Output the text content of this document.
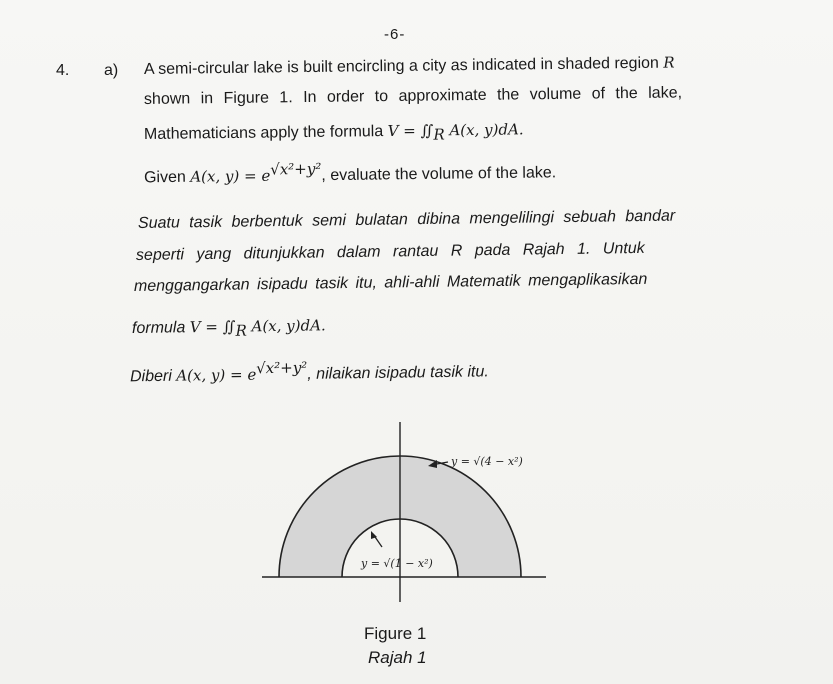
-6-
4. a) A semi-circular lake is built encircling a city as indicated in shaded region R
shown in Figure 1. In order to approximate the volume of the lake,
Mathematicians apply the formula $V = ∬_R$ A(x, y)dA.
Given A(x, $y) = e^{√x^2+y^2}$, evaluate the volume of the lake.
Suatu tasik berbentuk semi bulatan dibina mengelilingi sebuah bandar
seperti yang ditunjukkan dalam rantau R pada Rajah 1. Untuk
menggangarkan isipadu tasik itu, ahli-ahli Matematik mengaplikasikan
formula $V = ∬_R$ A(x, y)dA.
Diberi A(x, $y) = e^{√x^2+y^2}$, nilaikan isipadu tasik itu.
y = √(4 − x²)
y = √(1 − x²)
Figure 1
Rajah 1
